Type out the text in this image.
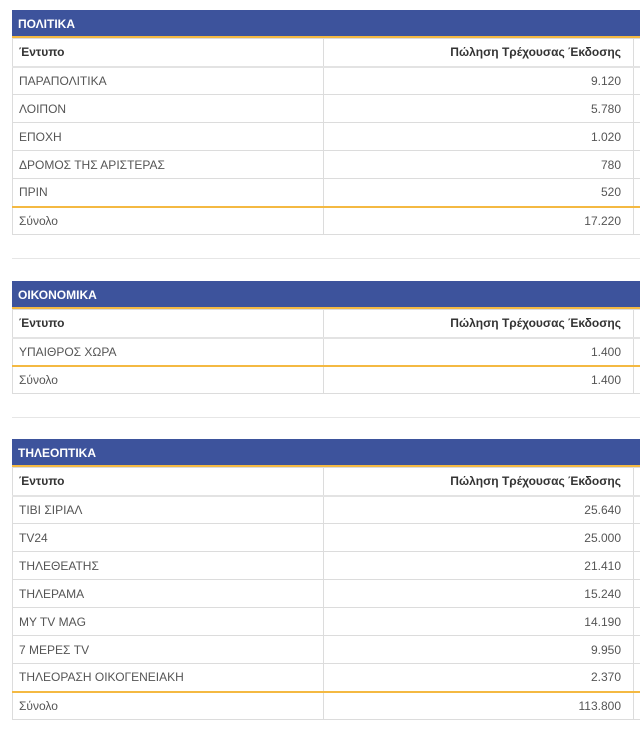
ΠΟΛΙΤΙΚΑ
Έντυπο	Πώληση Τρέχουσας Έκδοσης	
ΠΑΡΑΠΟΛΙΤΙΚΑ	9.120	
ΛΟΙΠΟΝ	5.780	
ΕΠΟΧΗ	1.020	
ΔΡΟΜΟΣ ΤΗΣ ΑΡΙΣΤΕΡΑΣ	780	
ΠΡΙΝ	520	
Σύνολο	17.220	
ΟΙΚΟΝΟΜΙΚΑ
Έντυπο	Πώληση Τρέχουσας Έκδοσης	
ΥΠΑΙΘΡΟΣ ΧΩΡΑ	1.400	
Σύνολο	1.400	
ΤΗΛΕΟΠΤΙΚΑ
Έντυπο	Πώληση Τρέχουσας Έκδοσης	
ΤΙΒΙ ΣΙΡΙΑΛ	25.640	
TV24	25.000	
ΤΗΛΕΘΕΑΤΗΣ	21.410	
ΤΗΛΕΡΑΜΑ	15.240	
MY TV MAG	14.190	
7 ΜΕΡΕΣ TV	9.950	
ΤΗΛΕΟΡΑΣΗ ΟΙΚΟΓΕΝΕΙΑΚΗ	2.370	
Σύνολο	113.800	
